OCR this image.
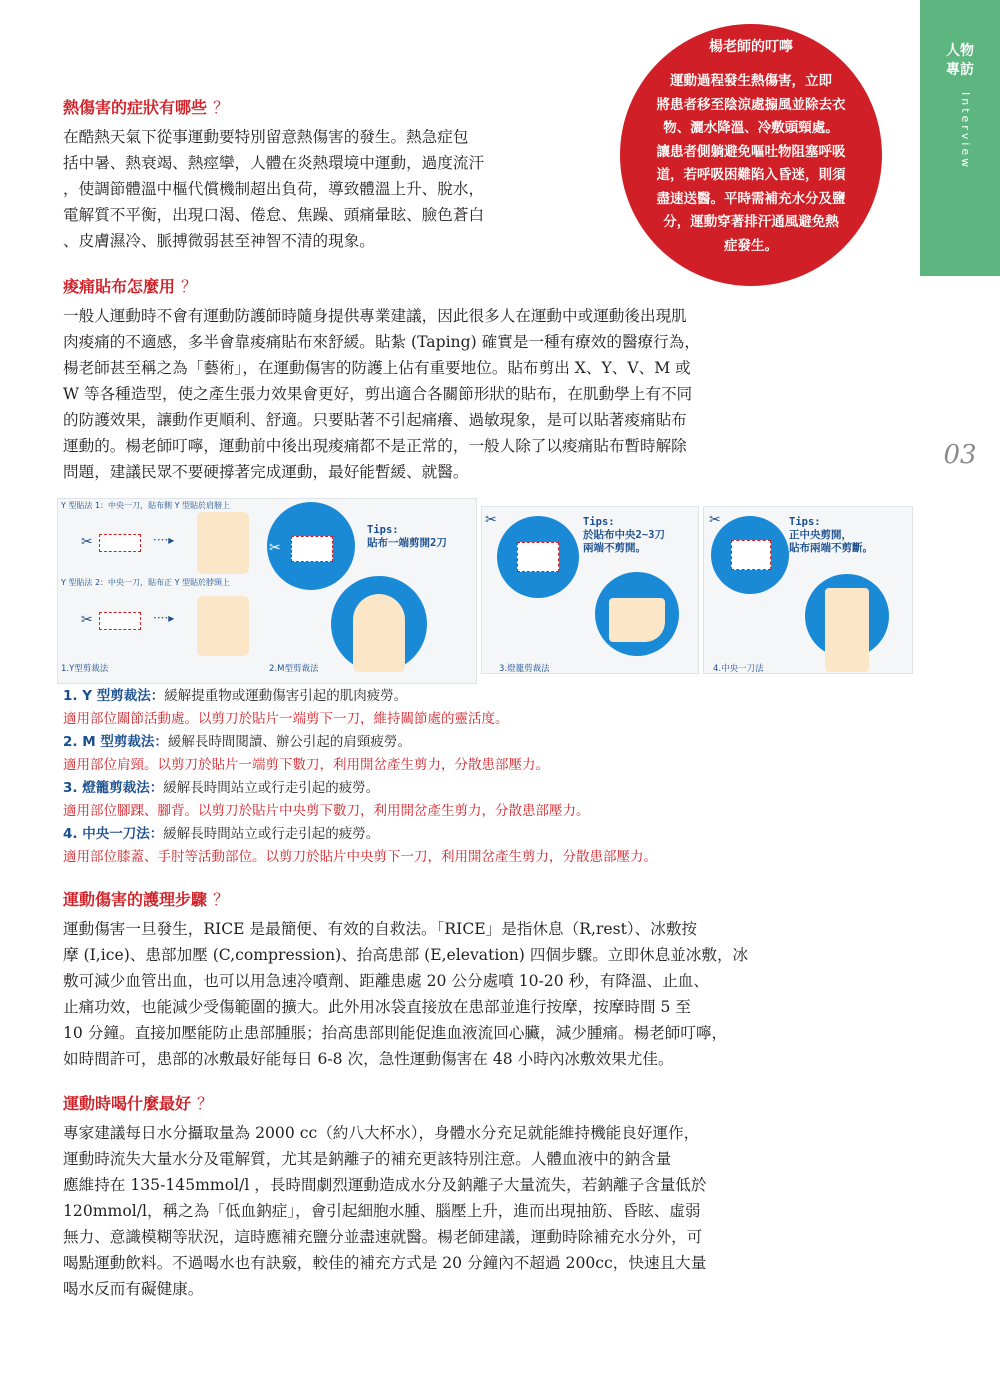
人物
專訪
Interview
03
楊老師的叮嚀
運動過程發生熱傷害，立即
將患者移至陰涼處搧風並除去衣
物、灑水降溫、冷敷頭頸處。
讓患者側躺避免嘔吐物阻塞呼吸
道，若呼吸困難陷入昏迷，則須
盡速送醫。平時需補充水分及鹽
分，運動穿著排汗通風避免熱
症發生。
熱傷害的症狀有哪些 ？
在酷熱天氣下從事運動要特別留意熱傷害的發生。熱急症包
括中暑、熱衰竭、熱痙攣，人體在炎熱環境中運動，過度流汗
，使調節體溫中樞代償機制超出負荷，導致體溫上升、脫水，
電解質不平衡，出現口渴、倦怠、焦躁、頭痛暈眩、臉色蒼白
、皮膚濕冷、脈搏微弱甚至神智不清的現象。
痠痛貼布怎麼用 ？
一般人運動時不會有運動防護師時隨身提供專業建議，因此很多人在運動中或運動後出現肌
肉痠痛的不適感，多半會靠痠痛貼布來舒緩。貼紮 (Taping) 確實是一種有療效的醫療行為，
楊老師甚至稱之為「藝術」，在運動傷害的防護上佔有重要地位。貼布剪出 X、Y、V、M 或
W 等各種造型，使之產生張力效果會更好，剪出適合各關節形狀的貼布，在肌動學上有不同
的防護效果，讓動作更順利、舒適。只要貼著不引起痛癢、過敏現象，是可以貼著痠痛貼布
運動的。楊老師叮嚀，運動前中後出現痠痛都不是正常的，一般人除了以痠痛貼布暫時解除
問題，建議民眾不要硬撐著完成運動，最好能暫緩、就醫。
Y 型貼法 1：中央一刀，貼布側 Y 型貼於肩膀上
Y 型貼法 2：中央一刀，貼布正 Y 型貼於脖頸上
✂	····▸
✂	····▸
✂
Tips:
貼布一端剪開2刀
1.Y型剪裁法	2.M型剪裁法
✂	Tips:
於貼布中央2~3刀
兩端不剪開。
3.燈籠剪裁法
✂	Tips:
正中央剪開，
貼布兩端不剪斷。
4.中央一刀法
1. Y 型剪裁法：緩解提重物或運動傷害引起的肌肉疲勞。
適用部位關節活動處。以剪刀於貼片一端剪下一刀，維持關節處的靈活度。
2. M 型剪裁法：緩解長時間閱讀、辦公引起的肩頸疲勞。
適用部位肩頸。以剪刀於貼片一端剪下數刀，利用開岔產生剪力，分散患部壓力。
3. 燈籠剪裁法：緩解長時間站立或行走引起的疲勞。
適用部位腳踝、腳背。以剪刀於貼片中央剪下數刀，利用開岔產生剪力，分散患部壓力。
4. 中央一刀法：緩解長時間站立或行走引起的疲勞。
適用部位膝蓋、手肘等活動部位。以剪刀於貼片中央剪下一刀，利用開岔產生剪力，分散患部壓力。
運動傷害的護理步驟 ？
運動傷害一旦發生，RICE 是最簡便、有效的自救法。「RICE」是指休息（R,rest）、冰敷按
摩 (I,ice)、患部加壓 (C,compression)、抬高患部 (E,elevation) 四個步驟。立即休息並冰敷，冰
敷可減少血管出血，也可以用急速冷噴劑、距離患處 20 公分處噴 10-20 秒，有降溫、止血、
止痛功效，也能減少受傷範圍的擴大。此外用冰袋直接放在患部並進行按摩，按摩時間 5 至
10 分鐘。直接加壓能防止患部腫脹；抬高患部則能促進血液流回心臟，減少腫痛。楊老師叮嚀，
如時間許可，患部的冰敷最好能每日 6-8 次，急性運動傷害在 48 小時內冰敷效果尤佳。
運動時喝什麼最好 ？
專家建議每日水分攝取量為 2000 cc（約八大杯水），身體水分充足就能維持機能良好運作，
運動時流失大量水分及電解質，尤其是鈉離子的補充更該特別注意。人體血液中的鈉含量
應維持在 135-145mmol/l ，長時間劇烈運動造成水分及鈉離子大量流失，若鈉離子含量低於
120mmol/l，稱之為「低血鈉症」，會引起細胞水腫、腦壓上升，進而出現抽筋、昏眩、虛弱
無力、意識模糊等狀況，這時應補充鹽分並盡速就醫。楊老師建議，運動時除補充水分外，可
喝點運動飲料。不過喝水也有訣竅，較佳的補充方式是 20 分鐘內不超過 200cc，快速且大量
喝水反而有礙健康。
